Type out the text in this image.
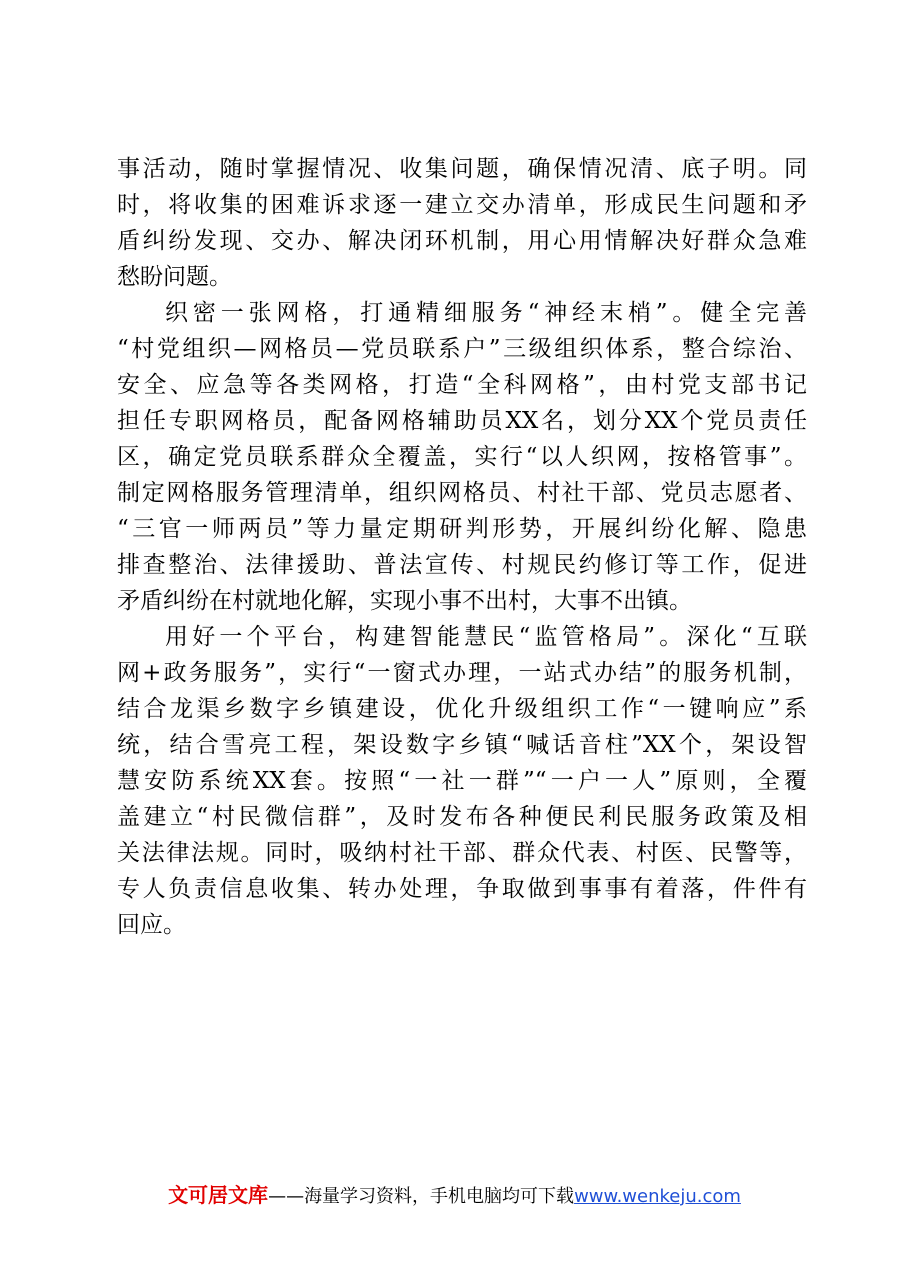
事活动，随时掌握情况、收集问题，确保情况清、底子明。同
时，将收集的困难诉求逐一建立交办清单，形成民生问题和矛
盾纠纷发现、交办、解决闭环机制，用心用情解决好群众急难
愁盼问题。
织密一张网格，打通精细服务“神经末梢”。健全完善
“村党组织—网格员—党员联系户”三级组织体系，整合综治、
安全、应急等各类网格，打造“全科网格”，由村党支部书记
担任专职网格员，配备网格辅助员XX名，划分XX个党员责任
区，确定党员联系群众全覆盖，实行“以人织网，按格管事”。
制定网格服务管理清单，组织网格员、村社干部、党员志愿者、
“三官一师两员”等力量定期研判形势，开展纠纷化解、隐患
排查整治、法律援助、普法宣传、村规民约修订等工作，促进
矛盾纠纷在村就地化解，实现小事不出村，大事不出镇。
用好一个平台，构建智能慧民“监管格局”。深化“互联
网+政务服务”，实行“一窗式办理，一站式办结”的服务机制，
结合龙渠乡数字乡镇建设，优化升级组织工作“一键响应”系
统，结合雪亮工程，架设数字乡镇“喊话音柱”XX个，架设智
慧安防系统XX套。按照“一社一群”“一户一人”原则，全覆
盖建立“村民微信群”，及时发布各种便民利民服务政策及相
关法律法规。同时，吸纳村社干部、群众代表、村医、民警等，
专人负责信息收集、转办处理，争取做到事事有着落，件件有
回应。
文可居文库——海量学习资料，手机电脑均可下载www.wenkeju.com
